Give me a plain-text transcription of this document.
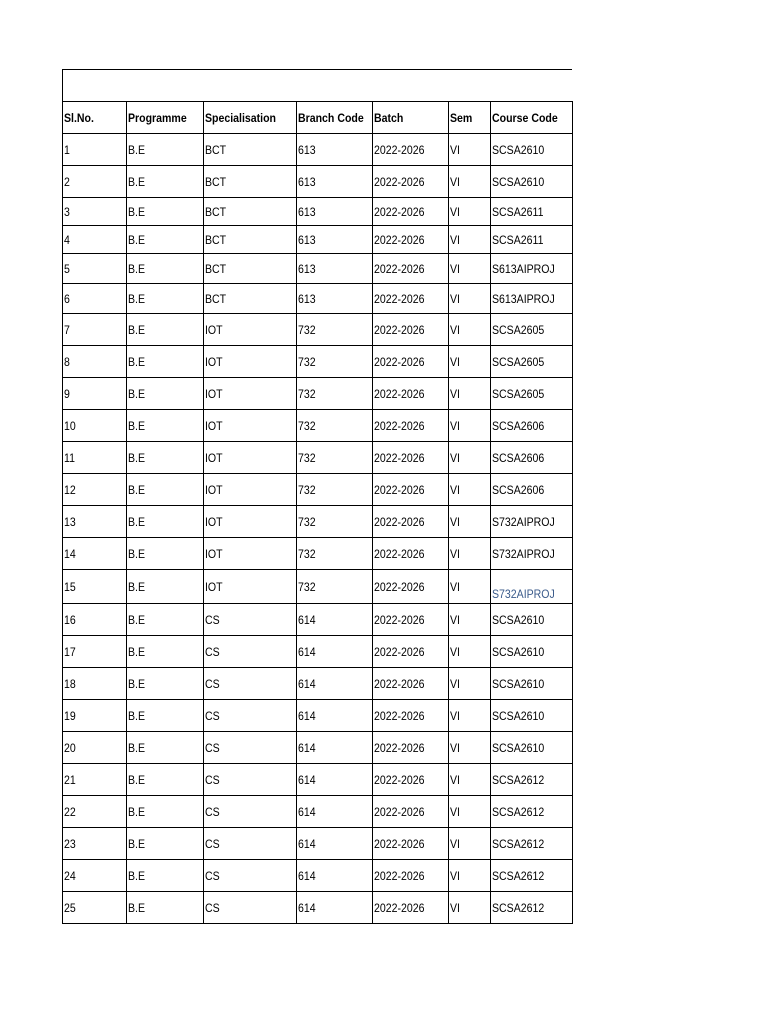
Sl.No.	Programme	Specialisation	Branch Code	Batch	Sem	Course Code
1	B.E	BCT	613	2022-2026	VI	SCSA2610
2	B.E	BCT	613	2022-2026	VI	SCSA2610
3	B.E	BCT	613	2022-2026	VI	SCSA2611
4	B.E	BCT	613	2022-2026	VI	SCSA2611
5	B.E	BCT	613	2022-2026	VI	S613AIPROJ
6	B.E	BCT	613	2022-2026	VI	S613AIPROJ
7	B.E	IOT	732	2022-2026	VI	SCSA2605
8	B.E	IOT	732	2022-2026	VI	SCSA2605
9	B.E	IOT	732	2022-2026	VI	SCSA2605
10	B.E	IOT	732	2022-2026	VI	SCSA2606
11	B.E	IOT	732	2022-2026	VI	SCSA2606
12	B.E	IOT	732	2022-2026	VI	SCSA2606
13	B.E	IOT	732	2022-2026	VI	S732AIPROJ
14	B.E	IOT	732	2022-2026	VI	S732AIPROJ
15	B.E	IOT	732	2022-2026	VI	S732AIPROJ
16	B.E	CS	614	2022-2026	VI	SCSA2610
17	B.E	CS	614	2022-2026	VI	SCSA2610
18	B.E	CS	614	2022-2026	VI	SCSA2610
19	B.E	CS	614	2022-2026	VI	SCSA2610
20	B.E	CS	614	2022-2026	VI	SCSA2610
21	B.E	CS	614	2022-2026	VI	SCSA2612
22	B.E	CS	614	2022-2026	VI	SCSA2612
23	B.E	CS	614	2022-2026	VI	SCSA2612
24	B.E	CS	614	2022-2026	VI	SCSA2612
25	B.E	CS	614	2022-2026	VI	SCSA2612
